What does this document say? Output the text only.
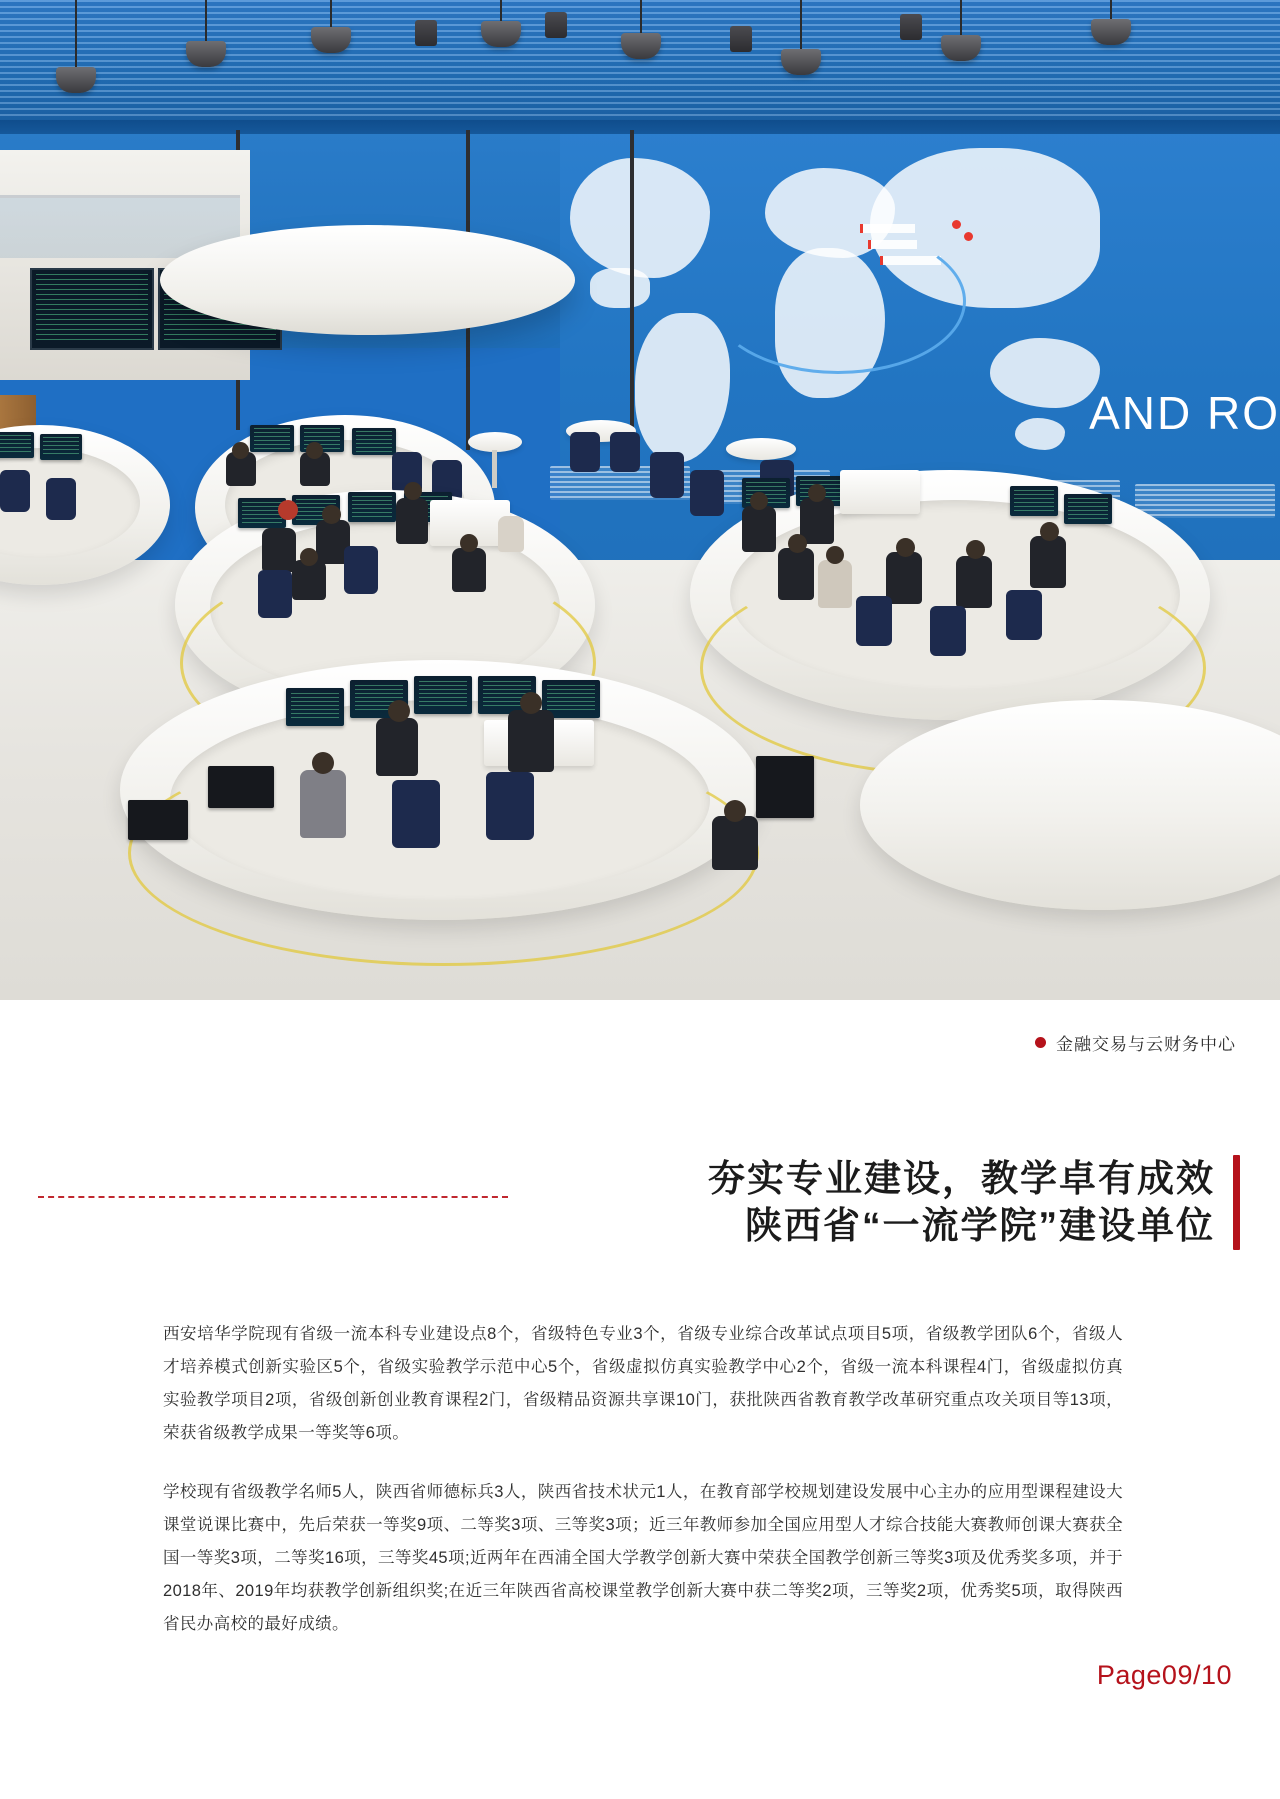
AND RO
金融交易与云财务中心
夯实专业建设，教学卓有成效
陕西省“一流学院”建设单位

西安培华学院现有省级一流本科专业建设点8个，省级特色专业3个，省级专业综合改革试点项目5项，省级教学团队6个，省级人才培养模式创新实验区5个，省级实验教学示范中心5个，省级虚拟仿真实验教学中心2个，省级一流本科课程4门，省级虚拟仿真实验教学项目2项，省级创新创业教育课程2门，省级精品资源共享课10门，获批陕西省教育教学改革研究重点攻关项目等13项，荣获省级教学成果一等奖等6项。

学校现有省级教学名师5人，陕西省师德标兵3人，陕西省技术状元1人，在教育部学校规划建设发展中心主办的应用型课程建设大课堂说课比赛中，先后荣获一等奖9项、二等奖3项、三等奖3项；近三年教师参加全国应用型人才综合技能大赛教师创课大赛获全国一等奖3项，二等奖16项，三等奖45项;近两年在西浦全国大学教学创新大赛中荣获全国教学创新三等奖3项及优秀奖多项，并于2018年、2019年均获教学创新组织奖;在近三年陕西省高校课堂教学创新大赛中获二等奖2项，三等奖2项，优秀奖5项，取得陕西省民办高校的最好成绩。

Page09/10
